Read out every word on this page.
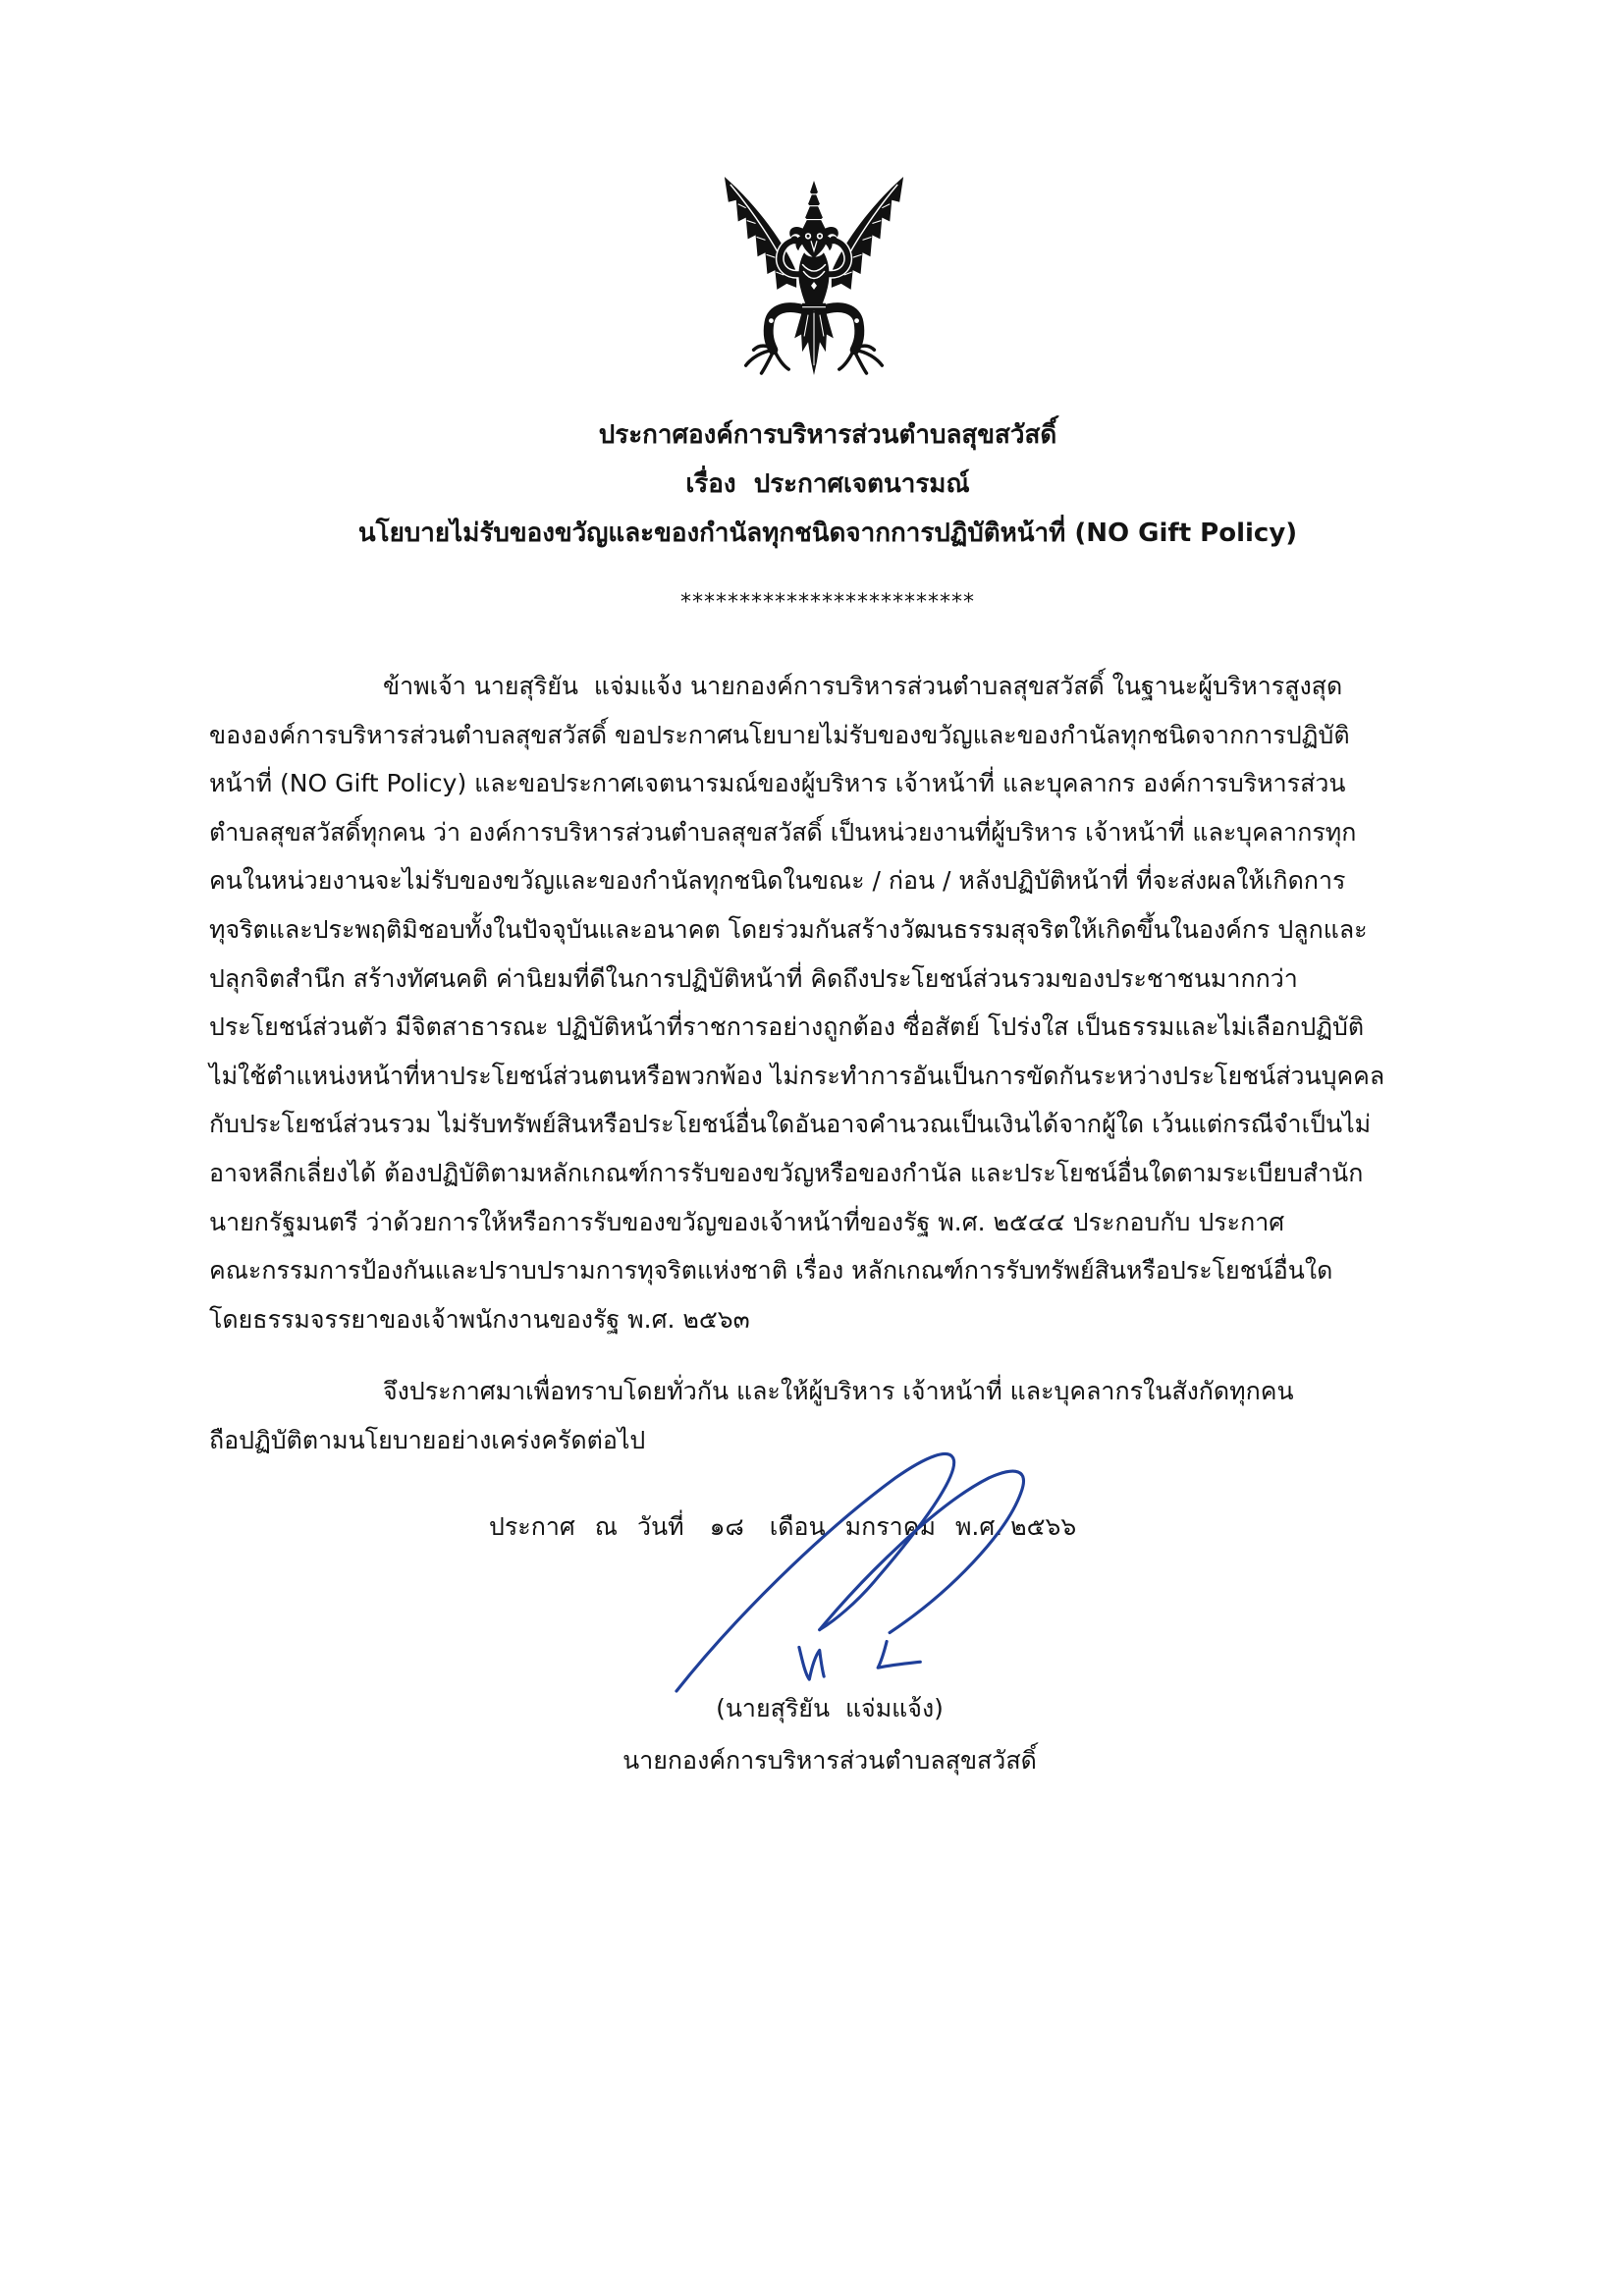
ประกาศองค์การบริหารส่วนตำบลสุขสวัสดิ์
เรื่อง  ประกาศเจตนารมณ์
นโยบายไม่รับของขวัญและของกำนัลทุกชนิดจากการปฏิบัติหน้าที่ (NO Gift Policy)
*************************
ข้าพเจ้า นายสุริยัน  แจ่มแจ้ง นายกองค์การบริหารส่วนตำบลสุขสวัสดิ์ ในฐานะผู้บริหารสูงสุด
ขององค์การบริหารส่วนตำบลสุขสวัสดิ์ ขอประกาศนโยบายไม่รับของขวัญและของกำนัลทุกชนิดจากการปฏิบัติ
หน้าที่ (NO Gift Policy) และขอประกาศเจตนารมณ์ของผู้บริหาร เจ้าหน้าที่ และบุคลากร องค์การบริหารส่วน
ตำบลสุขสวัสดิ์ทุกคน ว่า องค์การบริหารส่วนตำบลสุขสวัสดิ์ เป็นหน่วยงานที่ผู้บริหาร เจ้าหน้าที่ และบุคลากรทุก
คนในหน่วยงานจะไม่รับของขวัญและของกำนัลทุกชนิดในขณะ / ก่อน / หลังปฏิบัติหน้าที่ ที่จะส่งผลให้เกิดการ
ทุจริตและประพฤติมิชอบทั้งในปัจจุบันและอนาคต โดยร่วมกันสร้างวัฒนธรรมสุจริตให้เกิดขึ้นในองค์กร ปลูกและ
ปลุกจิตสำนึก สร้างทัศนคติ ค่านิยมที่ดีในการปฏิบัติหน้าที่ คิดถึงประโยชน์ส่วนรวมของประชาชนมากกว่า
ประโยชน์ส่วนตัว มีจิตสาธารณะ ปฏิบัติหน้าที่ราชการอย่างถูกต้อง ซื่อสัตย์ โปร่งใส เป็นธรรมและไม่เลือกปฏิบัติ
ไม่ใช้ตำแหน่งหน้าที่หาประโยชน์ส่วนตนหรือพวกพ้อง ไม่กระทำการอันเป็นการขัดกันระหว่างประโยชน์ส่วนบุคคล
กับประโยชน์ส่วนรวม ไม่รับทรัพย์สินหรือประโยชน์อื่นใดอันอาจคำนวณเป็นเงินได้จากผู้ใด เว้นแต่กรณีจำเป็นไม่
อาจหลีกเลี่ยงได้ ต้องปฏิบัติตามหลักเกณฑ์การรับของขวัญหรือของกำนัล และประโยชน์อื่นใดตามระเบียบสำนัก
นายกรัฐมนตรี ว่าด้วยการให้หรือการรับของขวัญของเจ้าหน้าที่ของรัฐ พ.ศ. ๒๕๔๔ ประกอบกับ ประกาศ
คณะกรรมการป้องกันและปราบปรามการทุจริตแห่งชาติ เรื่อง หลักเกณฑ์การรับทรัพย์สินหรือประโยชน์อื่นใด
โดยธรรมจรรยาของเจ้าพนักงานของรัฐ พ.ศ. ๒๕๖๓
จึงประกาศมาเพื่อทราบโดยทั่วกัน และให้ผู้บริหาร เจ้าหน้าที่ และบุคลากรในสังกัดทุกคน
ถือปฏิบัติตามนโยบายอย่างเคร่งครัดต่อไป
ประกาศ ณ วันที่ ๑๘ เดือน มกราคม พ.ศ. ๒๕๖๖
(นายสุริยัน  แจ่มแจ้ง)
นายกองค์การบริหารส่วนตำบลสุขสวัสดิ์
